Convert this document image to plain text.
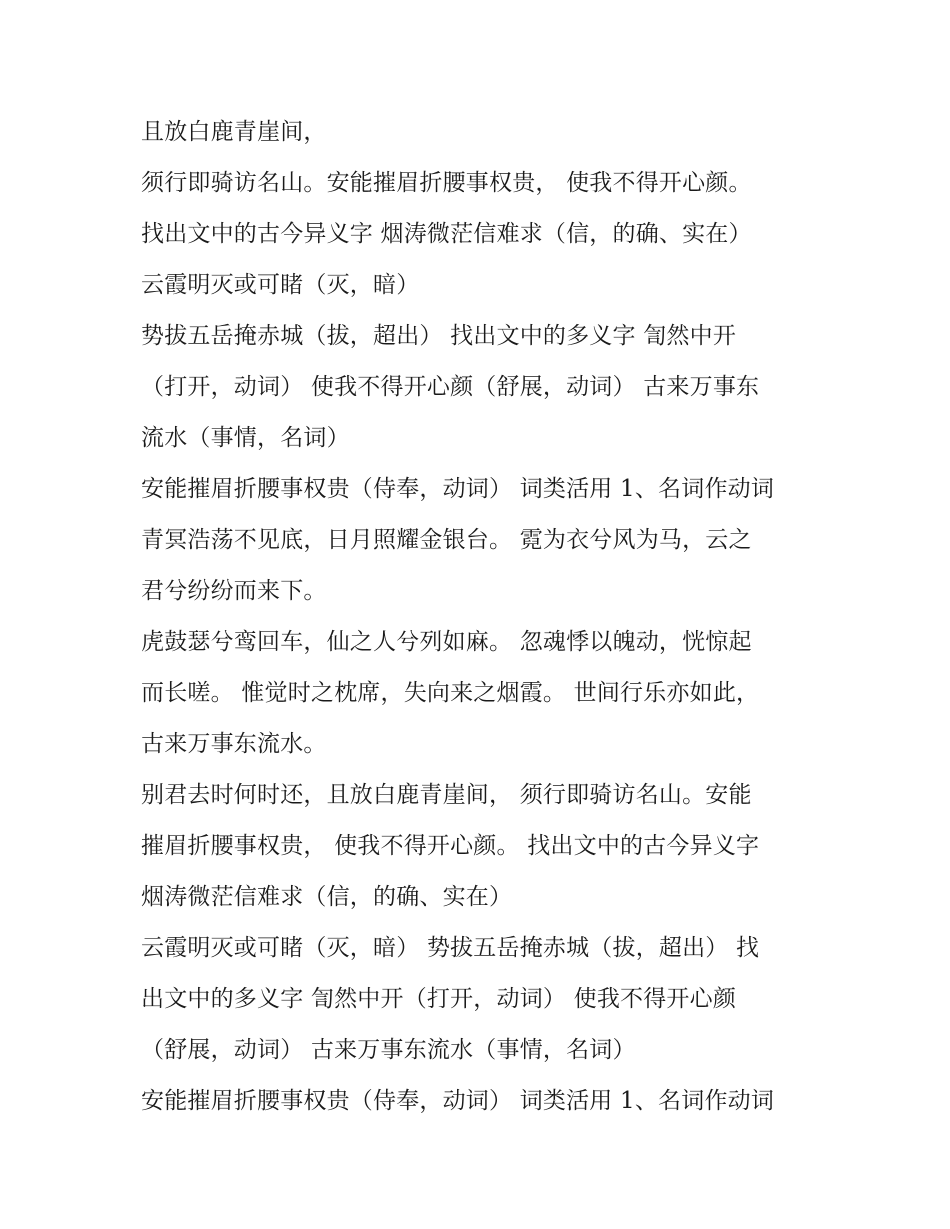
且放白鹿青崖间，
须行即骑访名山。安能摧眉折腰事权贵， 使我不得开心颜。
找出文中的古今异义字 烟涛微茫信难求（信，的确、实在）
云霞明灭或可睹（灭，暗）
势拔五岳掩赤城（拔，超出） 找出文中的多义字 訇然中开
（打开，动词） 使我不得开心颜（舒展，动词） 古来万事东
流水（事情，名词）
安能摧眉折腰事权贵（侍奉，动词） 词类活用 1、名词作动词
青冥浩荡不见底，日月照耀金银台。 霓为衣兮风为马，云之
君兮纷纷而来下。
虎鼓瑟兮鸾回车，仙之人兮列如麻。 忽魂悸以魄动，恍惊起
而长嗟。 惟觉时之枕席，失向来之烟霞。 世间行乐亦如此，
古来万事东流水。
别君去时何时还，且放白鹿青崖间， 须行即骑访名山。安能
摧眉折腰事权贵， 使我不得开心颜。 找出文中的古今异义字
烟涛微茫信难求（信，的确、实在）
云霞明灭或可睹（灭，暗） 势拔五岳掩赤城（拔，超出） 找
出文中的多义字 訇然中开（打开，动词） 使我不得开心颜
（舒展，动词） 古来万事东流水（事情，名词）
安能摧眉折腰事权贵（侍奉，动词） 词类活用 1、名词作动词
